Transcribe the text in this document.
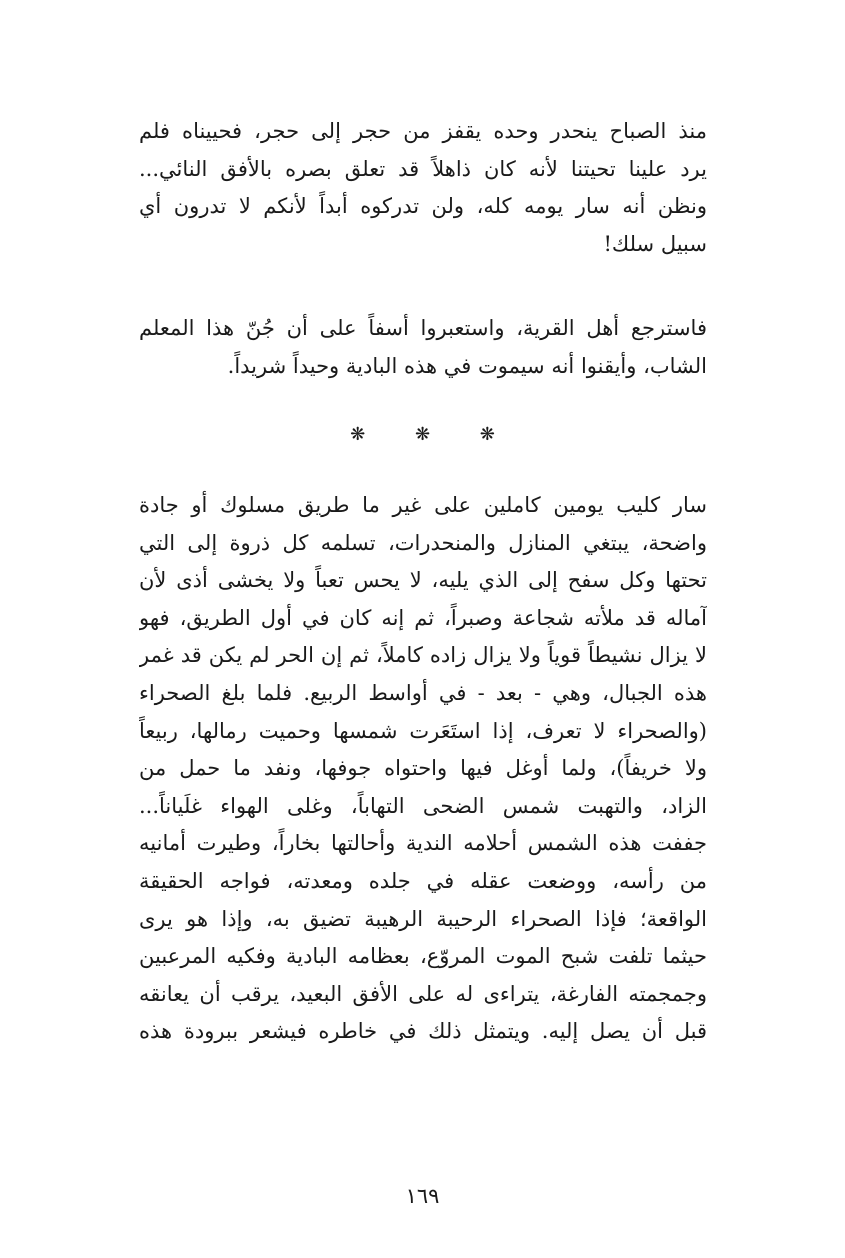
منذ الصباح ينحدر وحده يقفز من حجر إلى حجر، فحييناه فلم
يرد علينا تحيتنا لأنه كان ذاهلاً قد تعلق بصره بالأفق النائي...
ونظن أنه سار يومه كله، ولن تدركوه أبداً لأنكم لا تدرون أي
سبيل سلك!
فاسترجع أهل القرية، واستعبروا أسفاً على أن جُنّ هذا المعلم
الشاب، وأيقنوا أنه سيموت في هذه البادية وحيداً شريداً.
❋ ❋ ❋
سار كليب يومين كاملين على غير ما طريق مسلوك أو جادة
واضحة، يبتغي المنازل والمنحدرات، تسلمه كل ذروة إلى التي
تحتها وكل سفح إلى الذي يليه، لا يحس تعباً ولا يخشى أذى لأن
آماله قد ملأته شجاعة وصبراً، ثم إنه كان في أول الطريق، فهو
لا يزال نشيطاً قوياً ولا يزال زاده كاملاً، ثم إن الحر لم يكن قد غمر
هذه الجبال، وهي - بعد - في أواسط الربيع. فلما بلغ الصحراء
(والصحراء لا تعرف، إذا استَعَرت شمسها وحميت رمالها، ربيعاً
ولا خريفاً)، ولما أوغل فيها واحتواه جوفها، ونفد ما حمل من
الزاد، والتهبت شمس الضحى التهاباً، وغلى الهواء غلَياناً...
جففت هذه الشمس أحلامه الندية وأحالتها بخاراً، وطيرت أمانيه
من رأسه، ووضعت عقله في جلده ومعدته، فواجه الحقيقة
الواقعة؛ فإذا الصحراء الرحيبة الرهيبة تضيق به، وإذا هو يرى
حيثما تلفت شبح الموت المروّع، بعظامه البادية وفكيه المرعبين
وجمجمته الفارغة، يتراءى له على الأفق البعيد، يرقب أن يعانقه
قبل أن يصل إليه. ويتمثل ذلك في خاطره فيشعر ببرودة هذه
١٦٩
